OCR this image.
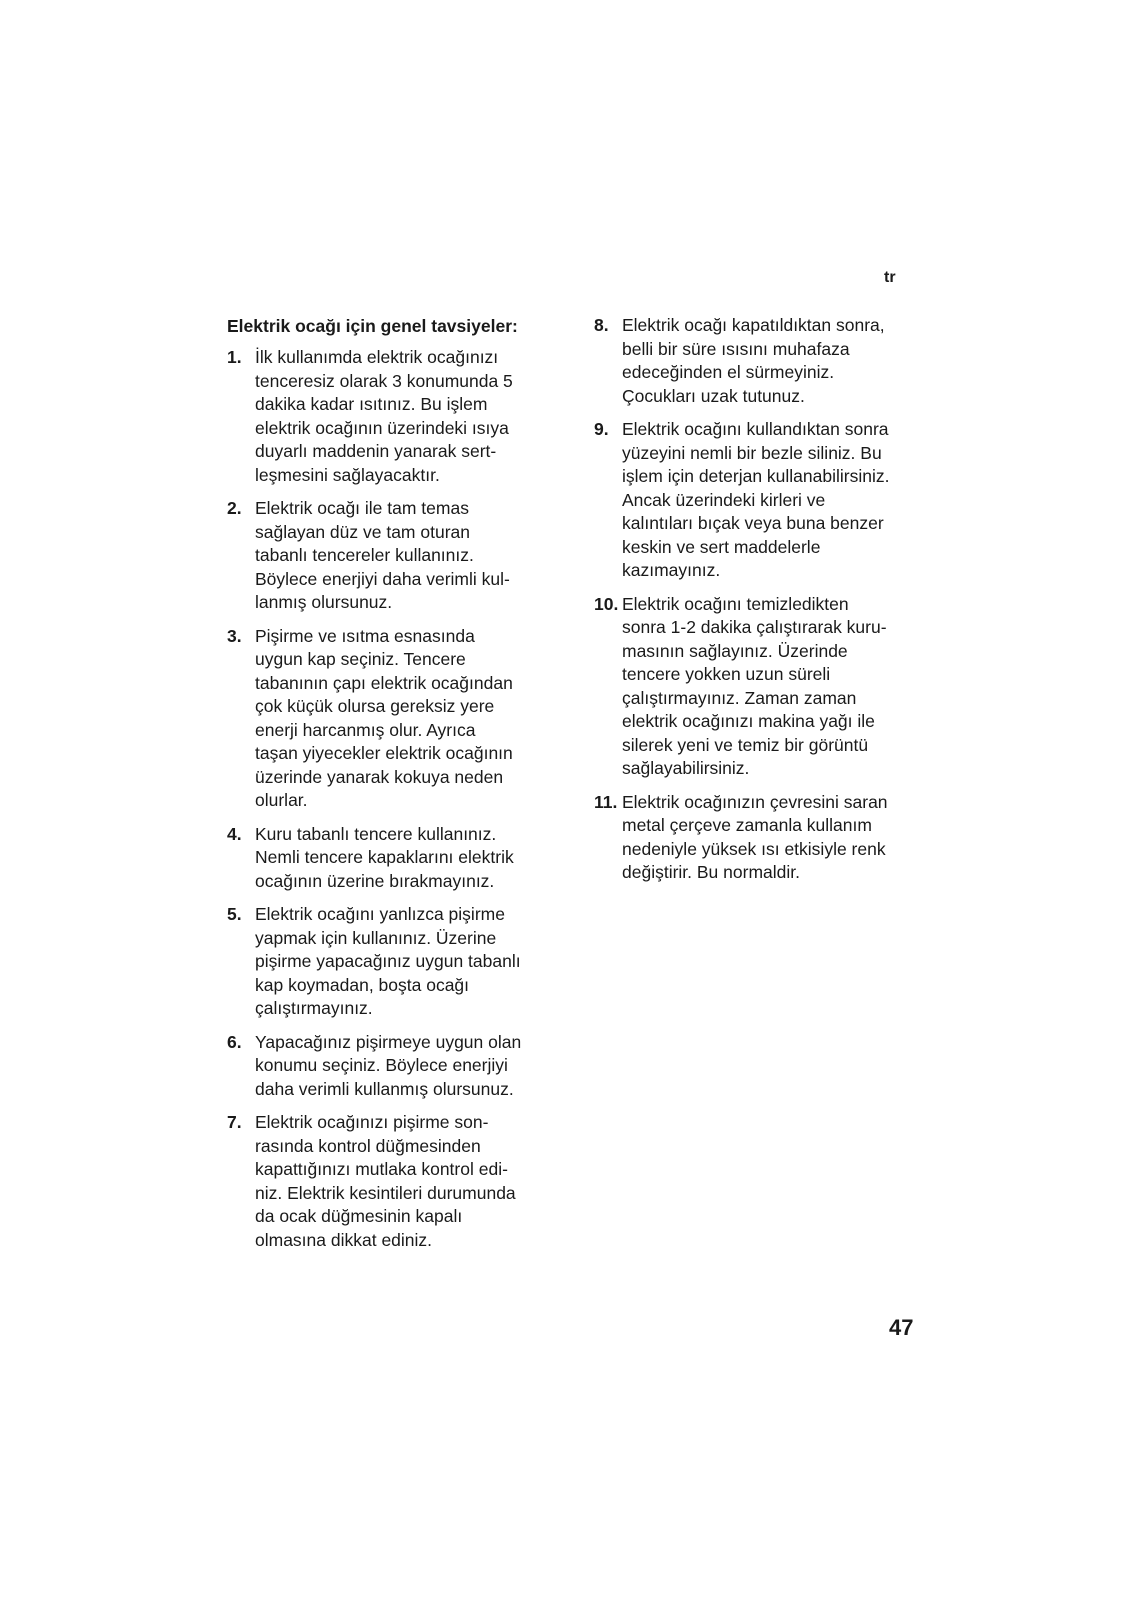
tr
Elektrik ocağı için genel tavsiyeler:
1. İlk kullanımda elektrik ocağınızı
tenceresiz olarak 3 konumunda 5
dakika kadar ısıtınız. Bu işlem
elektrik ocağının üzerindeki ısıya
duyarlı maddenin yanarak sert-
leşmesini sağlayacaktır.
2. Elektrik ocağı ile tam temas
sağlayan düz ve tam oturan
tabanlı tencereler kullanınız.
Böylece enerjiyi daha verimli kul-
lanmış olursunuz.
3. Pişirme ve ısıtma esnasında
uygun kap seçiniz. Tencere
tabanının çapı elektrik ocağından
çok küçük olursa gereksiz yere
enerji harcanmış olur. Ayrıca
taşan yiyecekler elektrik ocağının
üzerinde yanarak kokuya neden
olurlar.
4. Kuru tabanlı tencere kullanınız.
Nemli tencere kapaklarını elektrik
ocağının üzerine bırakmayınız.
5. Elektrik ocağını yanlızca pişirme
yapmak için kullanınız. Üzerine
pişirme yapacağınız uygun tabanlı
kap koymadan, boşta ocağı
çalıştırmayınız.
6. Yapacağınız pişirmeye uygun olan
konumu seçiniz. Böylece enerjiyi
daha verimli kullanmış olursunuz.
7. Elektrik ocağınızı pişirme son-
rasında kontrol düğmesinden
kapattığınızı mutlaka kontrol edi-
niz. Elektrik kesintileri durumunda
da ocak düğmesinin kapalı
olmasına dikkat ediniz.
8. Elektrik ocağı kapatıldıktan sonra,
belli bir süre ısısını muhafaza
edeceğinden el sürmeyiniz.
Çocukları uzak tutunuz.
9. Elektrik ocağını kullandıktan sonra
yüzeyini nemli bir bezle siliniz. Bu
işlem için deterjan kullanabilirsiniz.
Ancak üzerindeki kirleri ve
kalıntıları bıçak veya buna benzer
keskin ve sert maddelerle
kazımayınız.
10. Elektrik ocağını temizledikten
sonra 1-2 dakika çalıştırarak kuru-
masının sağlayınız. Üzerinde
tencere yokken uzun süreli
çalıştırmayınız. Zaman zaman
elektrik ocağınızı makina yağı ile
silerek yeni ve temiz bir görüntü
sağlayabilirsiniz.
11. Elektrik ocağınızın çevresini saran
metal çerçeve zamanla kullanım
nedeniyle yüksek ısı etkisiyle renk
değiştirir. Bu normaldir.
47
